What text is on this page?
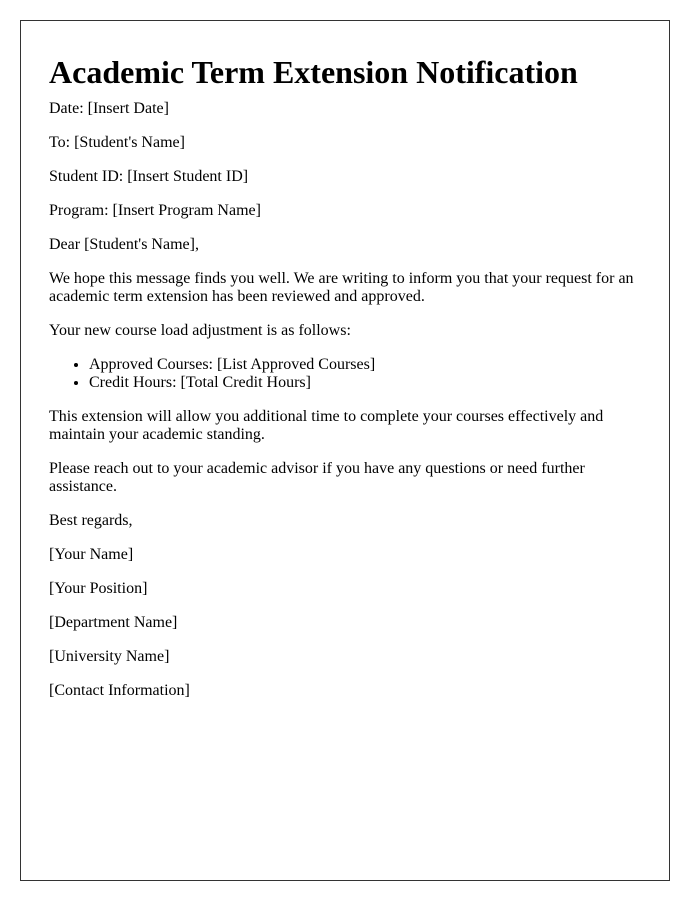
Academic Term Extension Notification

Date: [Insert Date]

To: [Student's Name]

Student ID: [Insert Student ID]

Program: [Insert Program Name]

Dear [Student's Name],

We hope this message finds you well. We are writing to inform you that your request for an academic term extension has been reviewed and approved.

Your new course load adjustment is as follows:

• Approved Courses: [List Approved Courses]
• Credit Hours: [Total Credit Hours]

This extension will allow you additional time to complete your courses effectively and maintain your academic standing.

Please reach out to your academic advisor if you have any questions or need further assistance.

Best regards,

[Your Name]

[Your Position]

[Department Name]

[University Name]

[Contact Information]
